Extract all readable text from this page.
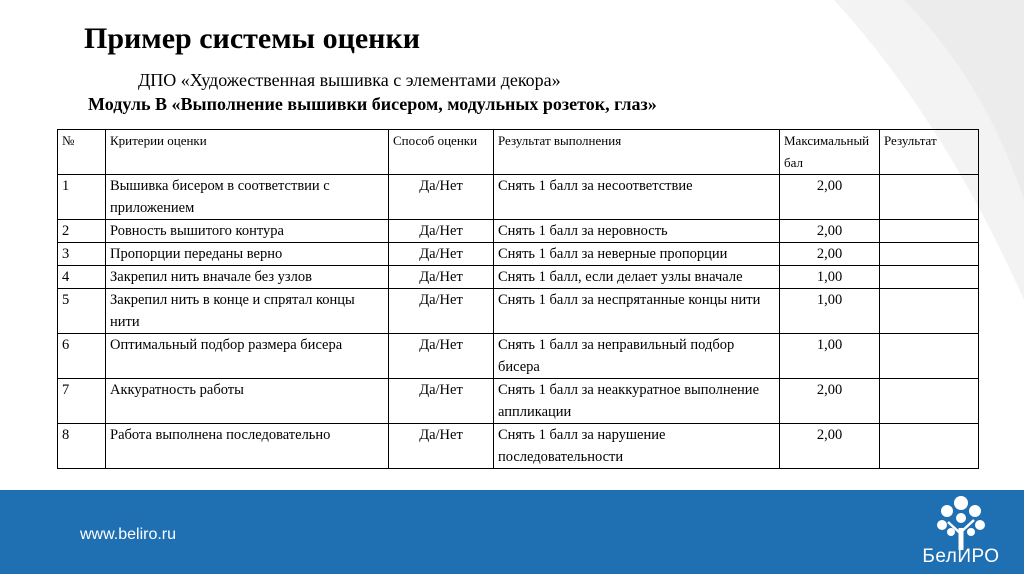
Пример системы оценки
ДПО «Художественная вышивка с элементами декора»
Модуль В «Выполнение вышивки бисером, модульных розеток, глаз»
№	Критерии оценки	Способ оценки	Результат выполнения	Максимальный бал	Результат
1	Вышивка бисером в соответствии с приложением	Да/Нет	Снять 1 балл за несоответствие	2,00	
2	Ровность вышитого контура	Да/Нет	Снять 1 балл за неровность	2,00	
3	Пропорции переданы верно	Да/Нет	Снять 1 балл за неверные пропорции	2,00	
4	Закрепил нить вначале без узлов	Да/Нет	Снять 1 балл, если делает узлы вначале	1,00	
5	Закрепил нить в конце и спрятал концы нити	Да/Нет	Снять 1 балл за неспрятанные концы нити	1,00	
6	Оптимальный подбор размера бисера	Да/Нет	Снять 1 балл за неправильный подбор бисера	1,00	
7	Аккуратность работы	Да/Нет	Снять 1 балл за неаккуратное выполнение аппликации	2,00	
8	Работа выполнена последовательно	Да/Нет	Снять 1 балл за нарушение последовательности	2,00	
www.beliro.ru
БелИРО
